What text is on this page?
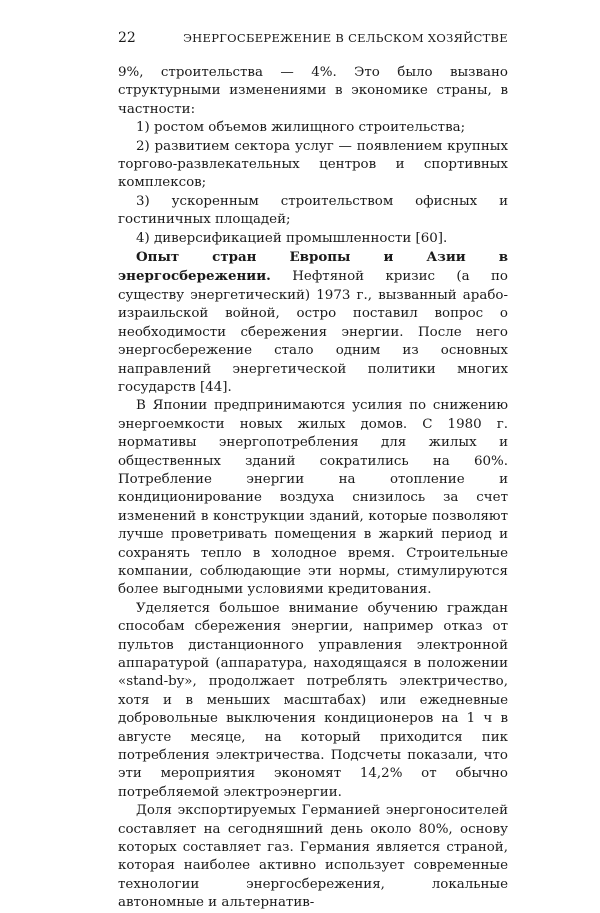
22	ЭНЕРГОСБЕРЕЖЕНИЕ В СЕЛЬСКОМ ХОЗЯЙСТВЕ

9%, строительства — 4%. Это было вызвано структурными изменениями в экономике страны, в частности:

1) ростом объемов жилищного строительства;

2) развитием сектора услуг — появлением крупных торгово-развлекательных центров и спортивных комплексов;

3) ускоренным строительством офисных и гостиничных площадей;

4) диверсификацией промышленности [60].

Опыт стран Европы и Азии в энергосбережении. Нефтяной кризис (а по существу энергетический) 1973 г., вызванный арабо-израильской войной, остро поставил вопрос о необходимости сбережения энергии. После него энергосбережение стало одним из основных направлений энергетической политики многих государств [44].

В Японии предпринимаются усилия по снижению энергоемкости новых жилых домов. С 1980 г. нормативы энергопотребления для жилых и общественных зданий сократились на 60%. Потребление энергии на отопление и кондиционирование воздуха снизилось за счет изменений в конструкции зданий, которые позволяют лучше проветривать помещения в жаркий период и сохранять тепло в холодное время. Строительные компании, соблюдающие эти нормы, стимулируются более выгодными условиями кредитования.

Уделяется большое внимание обучению граждан способам сбережения энергии, например отказ от пультов дистанционного управления электронной аппаратурой (аппаратура, находящаяся в положении «stand-by», продолжает потреблять электричество, хотя и в меньших масштабах) или ежедневные добровольные выключения кондиционеров на 1 ч в августе месяце, на который приходится пик потребления электричества. Подсчеты показали, что эти мероприятия экономят 14,2% от обычно потребляемой электроэнергии.

Доля экспортируемых Германией энергоносителей составляет на сегодняшний день около 80%, основу которых составляет газ. Германия является страной, которая наиболее активно использует современные технологии энергосбережения, локальные автономные и альтернатив-
